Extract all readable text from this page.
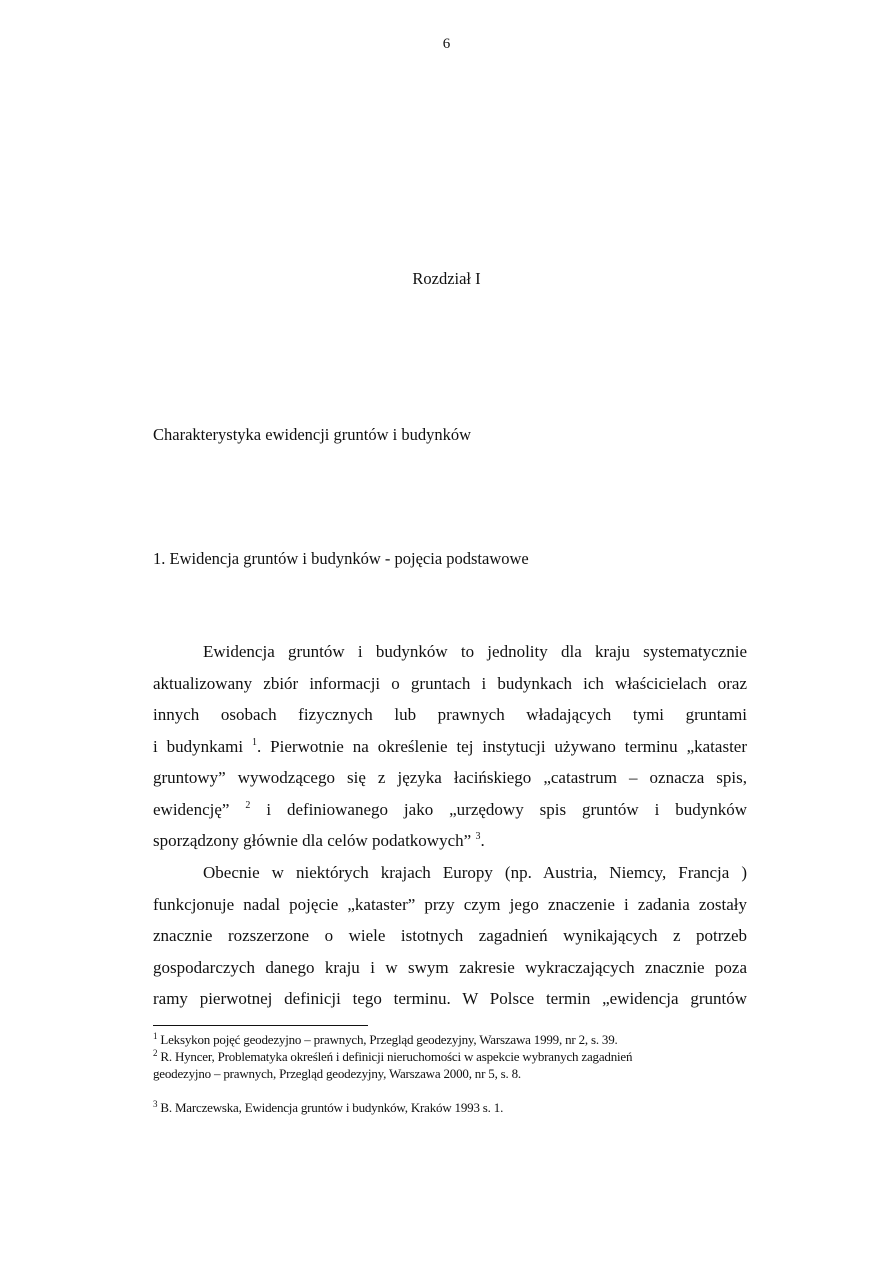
6
Rozdział I
Charakterystyka ewidencji gruntów i budynków
1. Ewidencja gruntów i budynków - pojęcia podstawowe
Ewidencja gruntów i budynków to jednolity dla kraju systematycznie
aktualizowany zbiór informacji o gruntach i budynkach ich właścicielach oraz
innych osobach fizycznych lub prawnych władających tymi gruntami
i budynkami $^1$. Pierwotnie na określenie tej instytucji używano terminu „kataster
gruntowy” wywodzącego się z języka łacińskiego „catastrum – oznacza spis,
ewidencję” $^2$ i definiowanego jako „urzędowy spis gruntów i budynków
sporządzony głównie dla celów podatkowych” $^3$.
Obecnie w niektórych krajach Europy (np. Austria, Niemcy, Francja )
funkcjonuje nadal pojęcie „kataster” przy czym jego znaczenie i zadania zostały
znacznie rozszerzone o wiele istotnych zagadnień wynikających z potrzeb
gospodarczych danego kraju i w swym zakresie wykraczających znacznie poza
ramy pierwotnej definicji tego terminu. W Polsce termin „ewidencja gruntów
$^1$ Leksykon pojęć geodezyjno – prawnych, Przegląd geodezyjny, Warszawa 1999, nr 2, s. 39.
$^2$ R. Hyncer, Problematyka określeń i definicji nieruchomości w aspekcie wybranych zagadnień
geodezyjno – prawnych, Przegląd geodezyjny, Warszawa 2000, nr 5, s. 8.
$^3$ B. Marczewska, Ewidencja gruntów i budynków, Kraków 1993 s. 1.
